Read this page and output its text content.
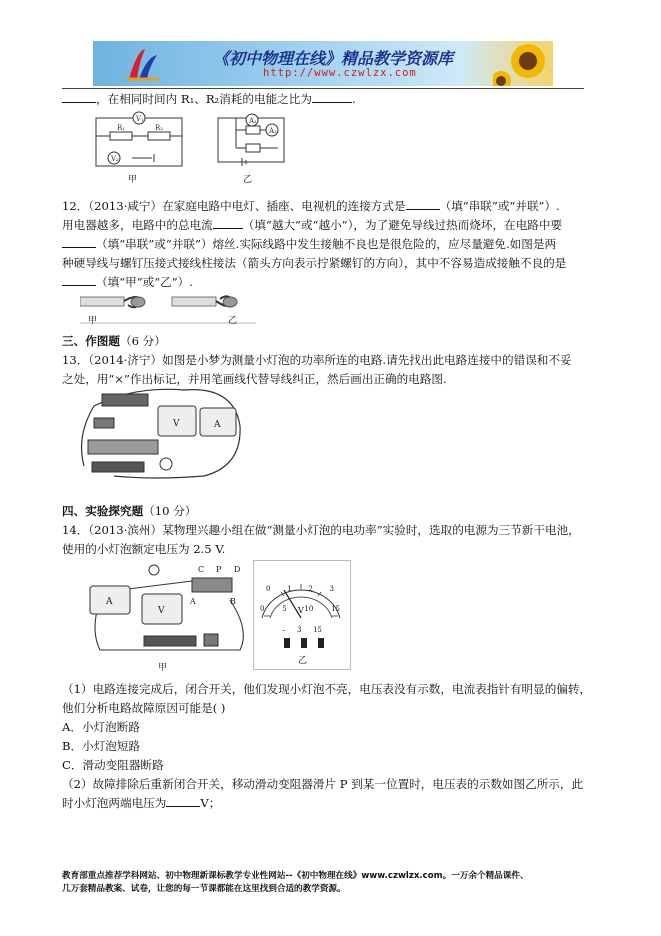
《初中物理在线》精品教学资源库
http://www.czwlzx.com
，在相同时间内 R₁、R₂消耗的电能之比为	.
V₁
R₁	R₂
V₂
甲
A₁
A₂
乙
12．（2013·咸宁）在家庭电路中电灯、插座、电视机的连接方式是	（填“串联”或“并联”）.
用电器越多，电路中的总电流	（填“越大”或“越小”），为了避免导线过热而烧坏，在电路中要
（填“串联”或“并联”）熔丝.实际线路中发生接触不良也是很危险的，应尽量避免.如图是两
种硬导线与螺钉压接式接线柱接法（箭头方向表示拧紧螺钉的方向），其中不容易造成接触不良的是
（填“甲”或“乙”）.
甲	乙
三、作图题（6 分）
13．（2014·济宁）如图是小梦为测量小灯泡的功率所连的电路.请先找出此电路连接中的错误和不妥
之处，用“×”作出标记，并用笔画线代替导线纠正，然后画出正确的电路图.
V	A
四、实验探究题（10 分）
14．（2013·滨州）某物理兴趣小组在做“测量小灯泡的电功率”实验时，选取的电源为三节新干电池，
使用的小灯泡额定电压为 2.5 V.
A
V
C P D
A	B
甲
0 1 2 3
0	5	10	15
V
– 3 15
乙
（1）电路连接完成后，闭合开关，他们发现小灯泡不亮，电压表没有示数，电流表指针有明显的偏转，
他们分析电路故障原因可能是( )
A．小灯泡断路
B．小灯泡短路
C．滑动变阻器断路
（2）故障排除后重新闭合开关，移动滑动变阻器滑片 P 到某一位置时，电压表的示数如图乙所示，此
时小灯泡两端电压为	V；
教育部重点推荐学科网站、初中物理新课标教学专业性网站--《初中物理在线》www.czwlzx.com。一万余个精品课件、
几万套精品教案、试卷，让您的每一节课都能在这里找到合适的教学资源。
